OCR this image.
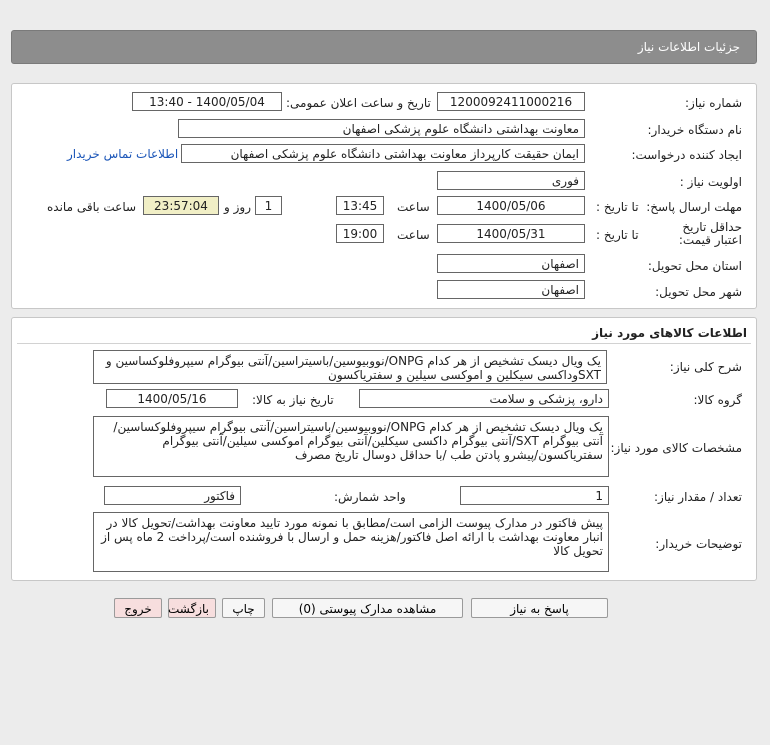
جزئیات اطلاعات نیاز
شماره نیاز:
1200092411000216
تاریخ و ساعت اعلان عمومی:
1400/05/04 - 13:40
نام دستگاه خریدار:
معاونت بهداشتی دانشگاه علوم پزشکی اصفهان
ایجاد کننده درخواست:
ایمان حقیقت کارپرداز معاونت بهداشتی دانشگاه علوم پزشکی اصفهان
اطلاعات تماس خریدار
اولویت نیاز :
فوری
مهلت ارسال پاسخ:
تا تاریخ :
1400/05/06
ساعت
13:45
1
روز و
23:57:04
ساعت باقی مانده
حداقل تاریخ اعتبار قیمت:
تا تاریخ :
1400/05/31
ساعت
19:00
استان محل تحویل:
اصفهان
شهر محل تحویل:
اصفهان
اطلاعات کالاهای مورد نیاز
شرح کلی نیاز:
یک ویال دیسک تشخیص از هر کدام ONPG/نووبیوسین/باسیتراسین/آنتی بیوگرام سیپروفلوکساسین و SXTوداکسی سیکلین و اموکسی سیلین و سفتریاکسون
گروه کالا:
دارو، پزشکی و سلامت
تاریخ نیاز به کالا:
1400/05/16
مشخصات کالای مورد نیاز:
یک ویال دیسک تشخیص از هر کدام ONPG/نووبیوسین/باسیتراسین/آنتی بیوگرام سیپروفلوکساسین/آنتی بیوگرام SXT/آنتی بیوگرام داکسی سیکلین/آنتی بیوگرام اموکسی سیلین/آنتی بیوگرام سفتریاکسون/پیشرو پادتن طب /با حداقل دوسال تاریخ مصرف
تعداد / مقدار نیاز:
1
واحد شمارش:
فاکتور
توضیحات خریدار:
پیش فاکتور در مدارک پیوست الزامی است/مطابق با نمونه مورد تایید معاونت بهداشت/تحویل کالا در انبار معاونت بهداشت با ارائه اصل فاکتور/هزینه حمل و ارسال با فروشنده است/پرداخت 2 ماه پس از تحویل کالا
پاسخ به نیاز
مشاهده مدارک پیوستی (0)
چاپ
بازگشت
خروج
